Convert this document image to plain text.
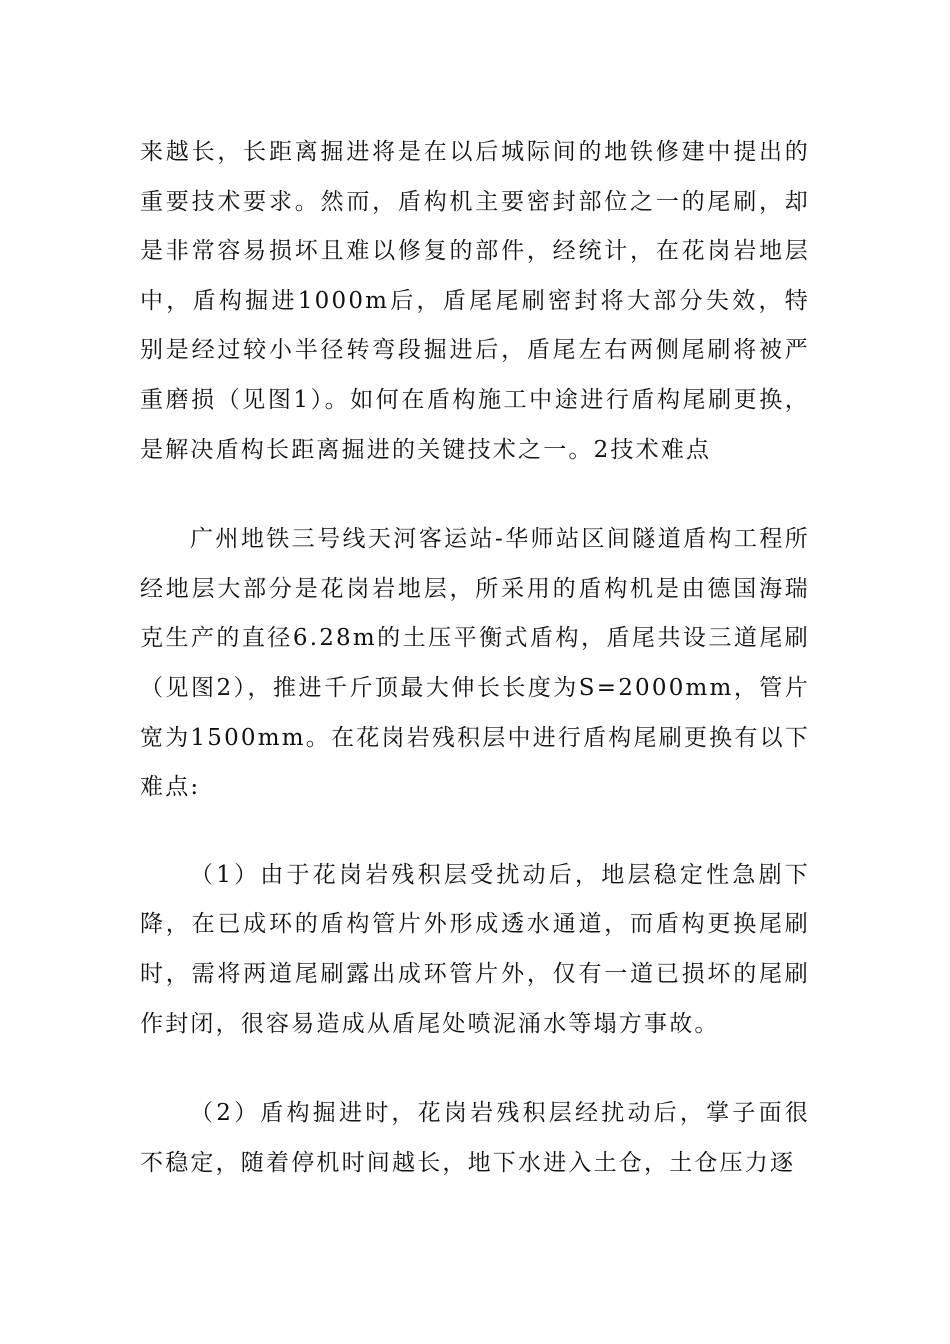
来越长，长距离掘进将是在以后城际间的地铁修建中提出的重要技术要求。然而，盾构机主要密封部位之一的尾刷，却是非常容易损坏且难以修复的部件，经统计，在花岗岩地层中，盾构掘进1000m后，盾尾尾刷密封将大部分失效，特别是经过较小半径转弯段掘进后，盾尾左右两侧尾刷将被严重磨损（见图1）。如何在盾构施工中途进行盾构尾刷更换，是解决盾构长距离掘进的关键技术之一。2技术难点

广州地铁三号线天河客运站-华师站区间隧道盾构工程所经地层大部分是花岗岩地层，所采用的盾构机是由德国海瑞克生产的直径6.28m的土压平衡式盾构，盾尾共设三道尾刷（见图2），推进千斤顶最大伸长长度为S=2000mm，管片宽为1500mm。在花岗岩残积层中进行盾构尾刷更换有以下难点:

（1）由于花岗岩残积层受扰动后，地层稳定性急剧下降，在已成环的盾构管片外形成透水通道，而盾构更换尾刷时，需将两道尾刷露出成环管片外，仅有一道已损坏的尾刷作封闭，很容易造成从盾尾处喷泥涌水等塌方事故。

（2）盾构掘进时，花岗岩残积层经扰动后，掌子面很不稳定，随着停机时间越长，地下水进入土仓，土仓压力逐
